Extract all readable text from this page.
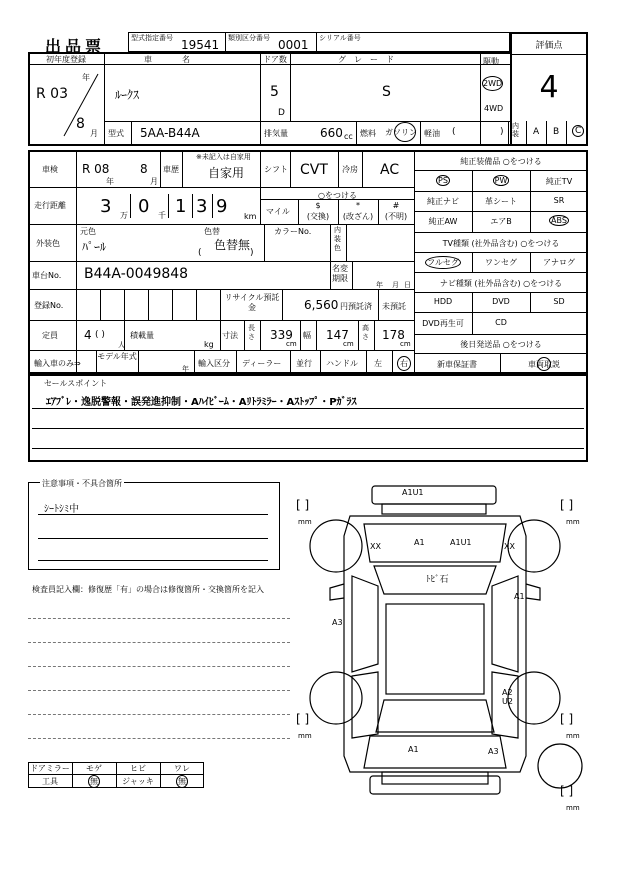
出品票	型式指定番号 19541 類別区分番号 0001 シリアル番号
評価点
4
初年度登録
R 03
年
8
月
車名
ﾙｰｸｽ
ドア数
5
D
グレード
S
駆動
2WD
4WD
型式 5AA-B44A	排気量	660 cc 燃料 ガソリン 軽油 (	)
内装	A B	C
車検 R 08
年
8
月
車歴
※未記入は自家用
自家用 シフト CVT 冷房 AC
走行距離 3 万 0 千 1 3 9 km
○をつける
マイル
$
(交換)
*
(改ざん)
#
(不明)
外装色
元色
ﾊﾟｰﾙ
色替
色替無
(	)
カラーNo.	内装色
車台No. B44A-0049848	名変期限
年 月 日
登録No.
リサイクル預託金	6,560 円預託済 未預託
定員 4 ( )
人
積載量
kg
寸法
長さ 339
cm
幅 147
cm
高さ 178
cm
輸入車のみ⇒
モデル年式
年
輸入区分 ディーラー 並行 ハンドル 左	右
純正装備品 ○をつける
PS	PW	純正TV
純正ナビ	革シート	SR
純正AW	エアB	ABS
TV種類 (社外品含む) ○をつける
フルセグ	ワンセグ	アナログ
ナビ種類 (社外品含む) ○をつける
HDD	DVD	SD
DVD再生可	CD
後日発送品 ○をつける
新車保証書	車両取説
セールスポイント
ｴｱﾌﾞﾚ・逸脱警報・誤発進抑制・Aﾊｲﾋﾞｰﾑ・Aﾘﾄﾗﾐﾗｰ・Aｽﾄｯﾌﾟ・Pｶﾞﾗｽ
注意事項・不具合箇所
ｼｰﾄｼﾐ中
検査員記入欄：修復歴「有」の場合は修復箇所・交換箇所を記入
ドアミラー	モゲ	ヒビ	ワレ
工具	無	ジャッキ	無
A1U1
XX	XX
A1	A1U1
ﾄﾋﾞ石
A3
A1
A2
U2
A1	A3
[ ]
mm
[ ]
mm
[ ]
mm
[ ]
mm
[ ]
mm
